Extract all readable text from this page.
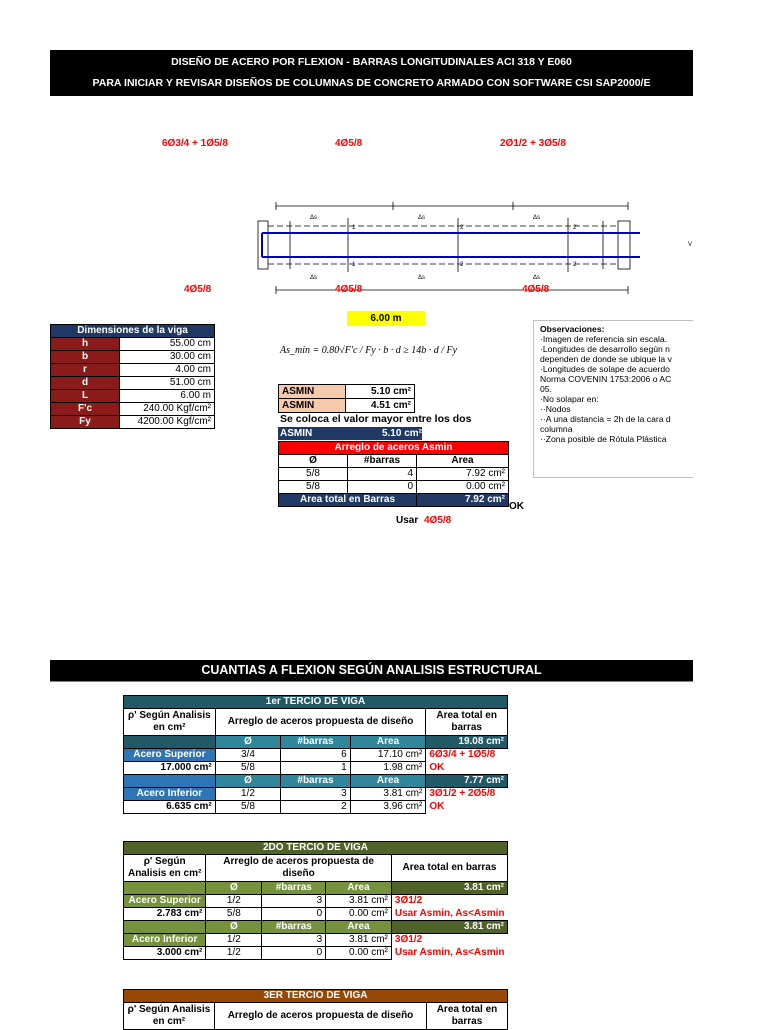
DISEÑO DE ACERO POR FLEXION - BARRAS LONGITUDINALES ACI 318 Y E060
PARA INICIAR Y REVISAR DISEÑOS DE COLUMNAS DE CONCRETO ARMADO CON SOFTWARE CSI SAP2000/E
6Ø3/4 + 1Ø5/8	4Ø5/8	2Ø1/2 + 3Ø5/8
Δs	Δs	Δs
Δs	Δs	Δs
1	2'	2'
1	2	2
V
4Ø5/8	4Ø5/8	4Ø5/8
6.00 m
Dimensiones de la viga	
h	55.00 cm
b	30.00 cm
r	4.00 cm
d	51.00 cm
L	6.00 m
F'c	240.00 Kgf/cm²
Fy	4200.00 Kgf/cm²
As_min = 0.80√F'c / Fy · b · d ≥ 14b · d / Fy
ASMIN	5.10 cm²
ASMIN	4.51 cm²
Se coloca el valor mayor entre los dos
ASMIN	5.10 cm²
Arreglo de aceros Asmin		
Ø	#barras	Area
5/8	4	7.92 cm²
5/8	0	0.00 cm²
Area total en Barras		7.92 cm²
OK
Usar 4Ø5/8
Observaciones:
·Imagen de referencia sin escala.
·Longitudes de desarrollo según n
dependen de donde se ubique la v
·Longitudes de solape de acuerdo
Norma COVENIN 1753:2006 o AC
05.
·No solapar en:
··Nodos
··A una distancia = 2h de la cara d
columna
··Zona posible de Rótula Plástica
CUANTIAS A FLEXION SEGÚN ANALISIS ESTRUCTURAL
1er TERCIO DE VIGA				
ρ' Según Analisis en cm²	Arreglo de aceros propuesta de diseño			Area total en barras

	Ø	#barras	Area	19.08 cm²
Acero Superior	3/4	6	17.10 cm²	6Ø3/4 + 1Ø5/8
17.000 cm²	5/8	1	1.98 cm²	OK
	Ø	#barras	Area	7.77 cm²
Acero Inferior	1/2	3	3.81 cm²	3Ø1/2 + 2Ø5/8
6.635 cm²	5/8	2	3.96 cm²	OK
2DO TERCIO DE VIGA				
ρ' Según Analisis en cm²	Arreglo de aceros propuesta de diseño			Area total en barras

	Ø	#barras	Area	3.81 cm²
Acero Superior	1/2	3	3.81 cm²	3Ø1/2
2.783 cm²	5/8	0	0.00 cm²	Usar Asmin, As<Asmin
	Ø	#barras	Area	3.81 cm²
Acero Inferior	1/2	3	3.81 cm²	3Ø1/2
3.000 cm²	1/2	0	0.00 cm²	Usar Asmin, As<Asmin
3ER TERCIO DE VIGA
ρ' Según Analisis en cm²	Arreglo de aceros propuesta de diseño	Area total en barras
